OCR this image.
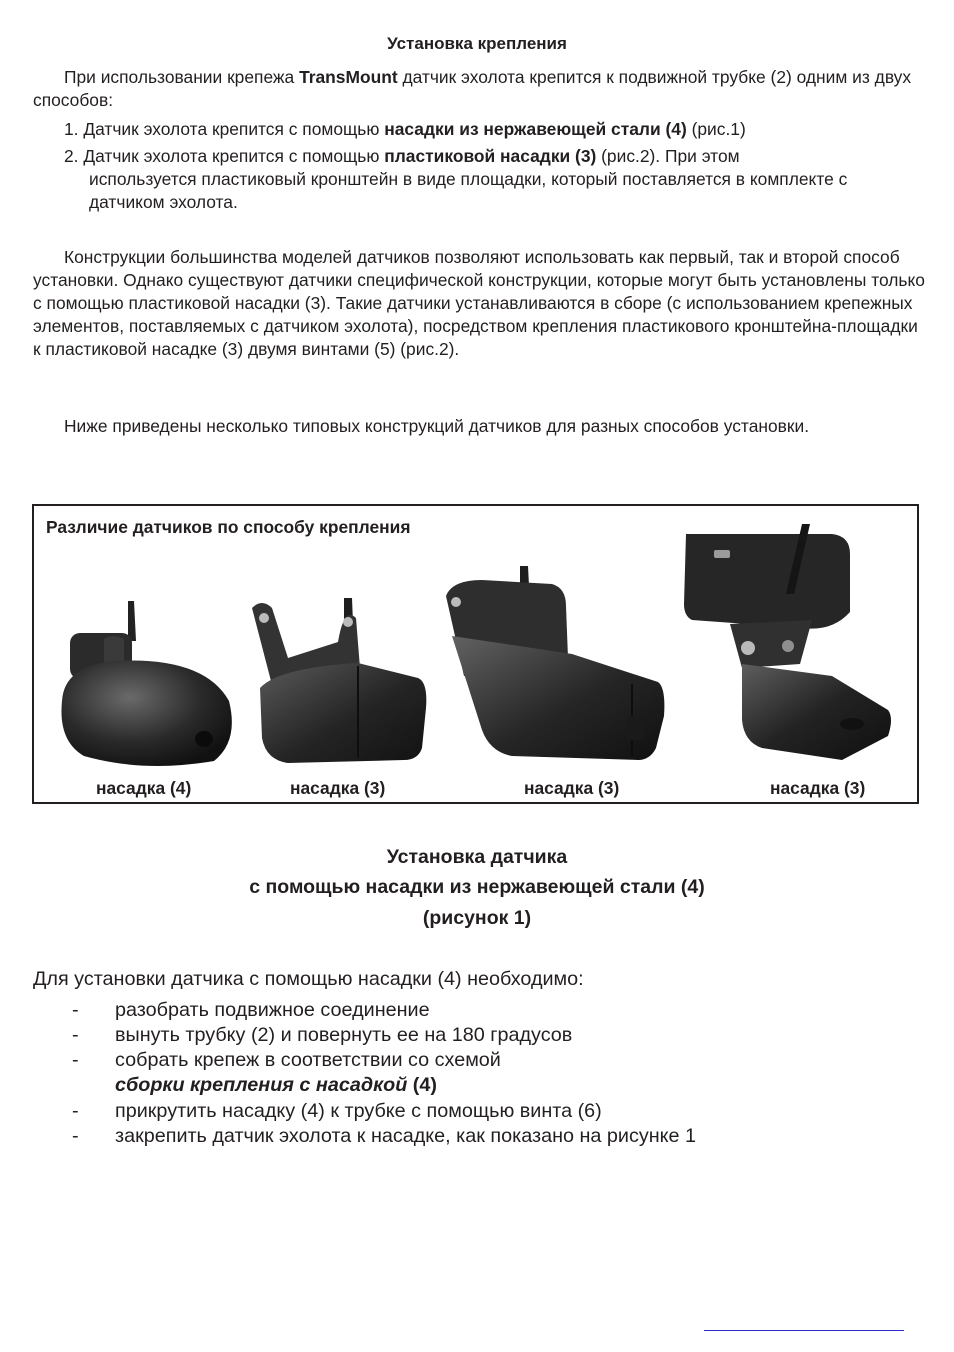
Установка крепления

При использовании крепежа TransMount датчик эхолота крепится к подвижной трубке (2) одним из двух способов:

1. Датчик эхолота крепится с помощью насадки из нержавеющей стали (4) (рис.1)
2. Датчик эхолота крепится с помощью пластиковой насадки (3) (рис.2). При этом
используется пластиковый кронштейн в виде площадки, который поставляется в комплекте с датчиком эхолота.

Конструкции большинства моделей датчиков позволяют использовать как первый, так и второй способ установки. Однако существуют датчики специфической конструкции, которые могут быть установлены только с помощью пластиковой насадки (3). Такие датчики устанавливаются в сборе (с использованием крепежных элементов, поставляемых с датчиком эхолота), посредством крепления пластикового кронштейна-площадки к пластиковой насадке (3) двумя винтами (5) (рис.2).

Ниже приведены несколько типовых конструкций датчиков для разных способов установки.

Различие датчиков по способу крепления
насадка (4)	насадка (3)	насадка (3)	насадка (3)
Установка датчика
с помощью насадки из нержавеющей стали (4)
(рисунок 1)
Для установки датчика с помощью насадки (4) необходимо:
- разобрать подвижное соединение
- вынуть трубку (2) и повернуть ее на 180 градусов
- собрать крепеж в соответствии со схемой
сборки крепления с насадкой (4)
- прикрутить насадку (4) к трубке с помощью винта (6)
- закрепить датчик эхолота к насадке, как показано на рисунке 1
